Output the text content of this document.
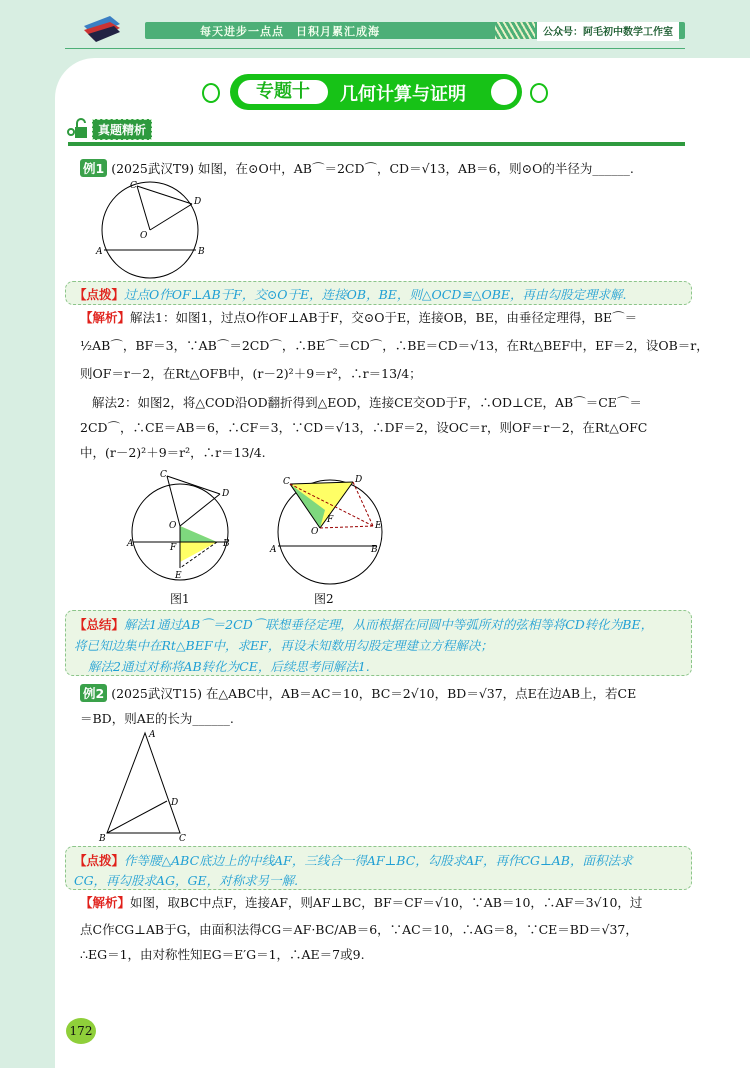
每天进步一点点　日积月累汇成海	公众号：阿毛初中数学工作室
专题十	几何计算与证明
真题精析
例1 (2025武汉T9) 如图，在⊙O中，AB⌒＝2CD⌒，CD＝√13，AB＝6，则⊙O的半径为______.
C
D
O
A	B
【点拨】过点O作OF⊥AB于F，交⊙O于E，连接OB，BE，则△OCD≌△OBE，再由勾股定理求解.
【解析】解法1：如图1，过点O作OF⊥AB于F，交⊙O于E，连接OB，BE，由垂径定理得，BE⌒＝
½AB⌒，BF＝3，∵AB⌒＝2CD⌒，∴BE⌒＝CD⌒，∴BE＝CD＝√13，在Rt△BEF中，EF＝2，设OB＝r，
则OF＝r－2，在Rt△OFB中，(r－2)²＋9＝r²，∴r＝13/4；
解法2：如图2，将△COD沿OD翻折得到△EOD，连接CE交OD于F，∴OD⊥CE，AB⌒＝CE⌒＝
2CD⌒，∴CE＝AB＝6，∴CF＝3，∵CD＝√13，∴DF＝2，设OC＝r，则OF＝r－2，在Rt△OFC
中，(r－2)²＋9＝r²，∴r＝13/4.
C
D
O
A	B
F
E
C	D
O
F
E
A	B
图1	图2
【总结】解法1通过AB⌒＝2CD⌒联想垂径定理，从而根据在同圆中等弧所对的弦相等将CD转化为BE，
将已知边集中在Rt△BEF中，求EF，再设未知数用勾股定理建立方程解决；
解法2通过对称将AB转化为CE，后续思考同解法1.
例2 (2025武汉T15) 在△ABC中，AB＝AC＝10，BC＝2√10，BD＝√37，点E在边AB上，若CE
＝BD，则AE的长为______.
A
D
B	C
【点拨】作等腰△ABC底边上的中线AF，三线合一得AF⊥BC，勾股求AF，再作CG⊥AB，面积法求
CG，再勾股求AG，GE，对称求另一解.
【解析】如图，取BC中点F，连接AF，则AF⊥BC，BF＝CF＝√10，∵AB＝10，∴AF＝3√10，过
点C作CG⊥AB于G，由面积法得CG＝AF·BC/AB＝6，∵AC＝10，∴AG＝8，∵CE＝BD＝√37，
∴EG＝1，由对称性知EG＝E′G＝1，∴AE＝7或9.
172
